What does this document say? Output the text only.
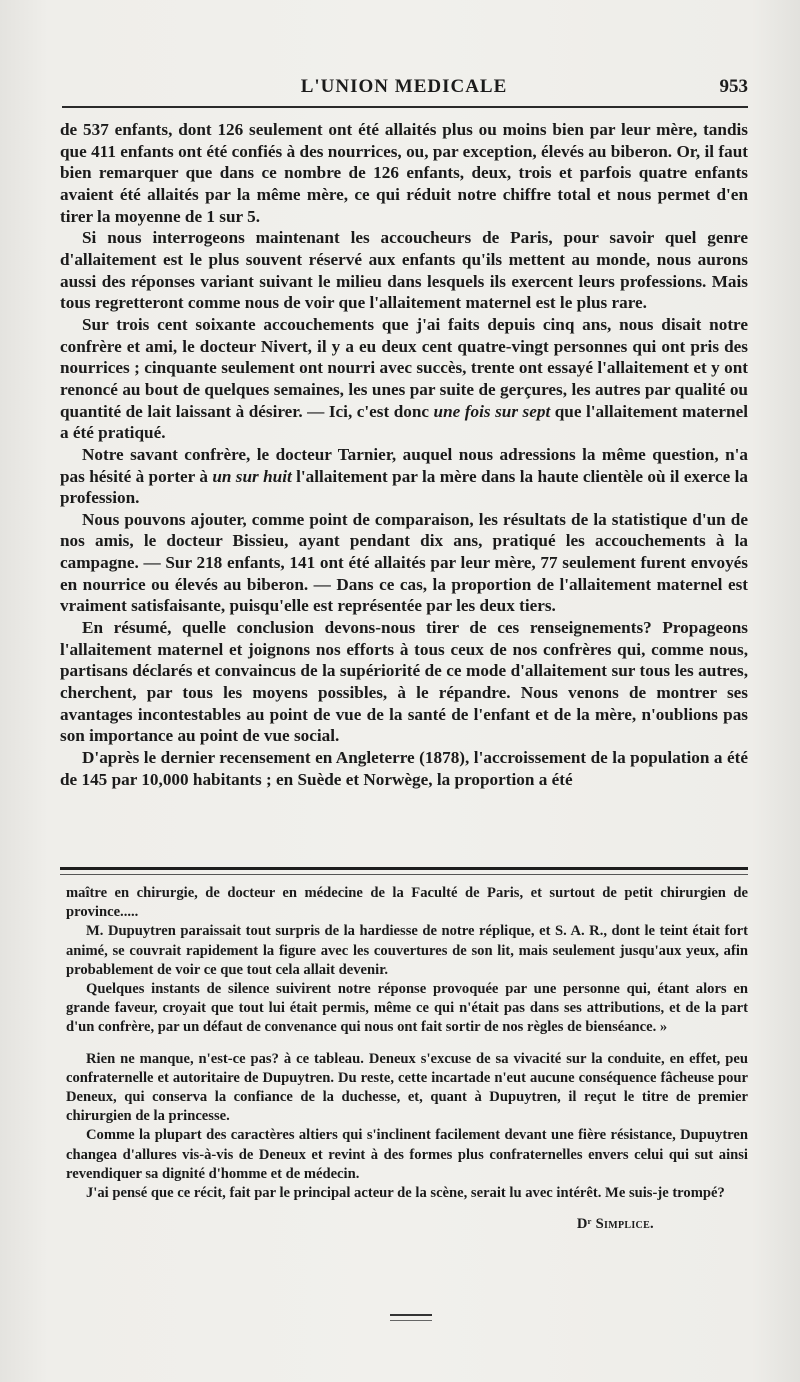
L'UNION MEDICALE	953

de 537 enfants, dont 126 seulement ont été allaités plus ou moins bien par leur mère, tandis que 411 enfants ont été confiés à des nourrices, ou, par exception, élevés au biberon. Or, il faut bien remarquer que dans ce nombre de 126 enfants, deux, trois et parfois quatre enfants avaient été allaités par la même mère, ce qui réduit notre chiffre total et nous permet d'en tirer la moyenne de 1 sur 5.

Si nous interrogeons maintenant les accoucheurs de Paris, pour savoir quel genre d'allaitement est le plus souvent réservé aux enfants qu'ils mettent au monde, nous aurons aussi des réponses variant suivant le milieu dans lesquels ils exercent leurs professions. Mais tous regretteront comme nous de voir que l'allaitement maternel est le plus rare.

Sur trois cent soixante accouchements que j'ai faits depuis cinq ans, nous disait notre confrère et ami, le docteur Nivert, il y a eu deux cent quatre-vingt personnes qui ont pris des nourrices ; cinquante seulement ont nourri avec succès, trente ont essayé l'allaitement et y ont renoncé au bout de quelques semaines, les unes par suite de gerçures, les autres par qualité ou quantité de lait laissant à désirer. — Ici, c'est donc une fois sur sept que l'allaitement maternel a été pratiqué.

Notre savant confrère, le docteur Tarnier, auquel nous adressions la même question, n'a pas hésité à porter à un sur huit l'allaitement par la mère dans la haute clientèle où il exerce la profession.

Nous pouvons ajouter, comme point de comparaison, les résultats de la statistique d'un de nos amis, le docteur Bissieu, ayant pendant dix ans, pratiqué les accouchements à la campagne. — Sur 218 enfants, 141 ont été allaités par leur mère, 77 seulement furent envoyés en nourrice ou élevés au biberon. — Dans ce cas, la proportion de l'allaitement maternel est vraiment satisfaisante, puisqu'elle est représentée par les deux tiers.

En résumé, quelle conclusion devons-nous tirer de ces renseignements? Propageons l'allaitement maternel et joignons nos efforts à tous ceux de nos confrères qui, comme nous, partisans déclarés et convaincus de la supériorité de ce mode d'allaitement sur tous les autres, cherchent, par tous les moyens possibles, à le répandre. Nous venons de montrer ses avantages incontestables au point de vue de la santé de l'enfant et de la mère, n'oublions pas son importance au point de vue social.

D'après le dernier recensement en Angleterre (1878), l'accroissement de la population a été de 145 par 10,000 habitants ; en Suède et Norwège, la proportion a été

maître en chirurgie, de docteur en médecine de la Faculté de Paris, et surtout de petit chirurgien de province.....

M. Dupuytren paraissait tout surpris de la hardiesse de notre réplique, et S. A. R., dont le teint était fort animé, se couvrait rapidement la figure avec les couvertures de son lit, mais seulement jusqu'aux yeux, afin probablement de voir ce que tout cela allait devenir.

Quelques instants de silence suivirent notre réponse provoquée par une personne qui, étant alors en grande faveur, croyait que tout lui était permis, même ce qui n'était pas dans ses attributions, et de la part d'un confrère, par un défaut de convenance qui nous ont fait sortir de nos règles de bienséance. »

Rien ne manque, n'est-ce pas? à ce tableau. Deneux s'excuse de sa vivacité sur la conduite, en effet, peu confraternelle et autoritaire de Dupuytren. Du reste, cette incartade n'eut aucune conséquence fâcheuse pour Deneux, qui conserva la confiance de la duchesse, et, quant à Dupuytren, il reçut le titre de premier chirurgien de la princesse.

Comme la plupart des caractères altiers qui s'inclinent facilement devant une fière résistance, Dupuytren changea d'allures vis-à-vis de Deneux et revint à des formes plus confraternelles envers celui qui sut ainsi revendiquer sa dignité d'homme et de médecin.

J'ai pensé que ce récit, fait par le principal acteur de la scène, serait lu avec intérêt. Me suis-je trompé?

Dʳ Simplice.
